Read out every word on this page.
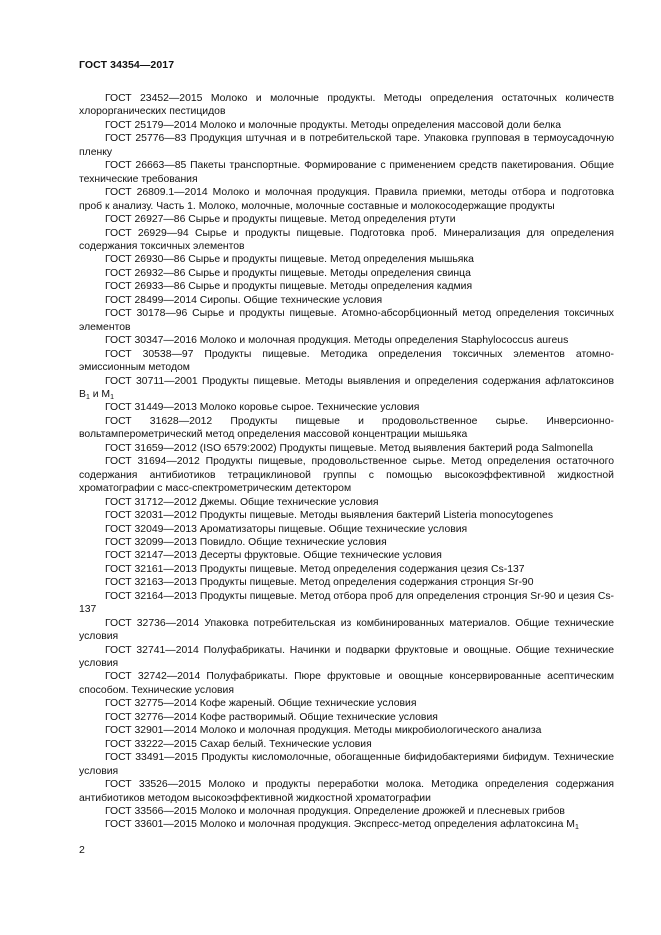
ГОСТ 34354—2017

ГОСТ 23452—2015 Молоко и молочные продукты. Методы определения остаточных количеств хлорорганических пестицидов

ГОСТ 25179—2014 Молоко и молочные продукты. Методы определения массовой доли белка

ГОСТ 25776—83 Продукция штучная и в потребительской таре. Упаковка групповая в термоусадочную пленку

ГОСТ 26663—85 Пакеты транспортные. Формирование с применением средств пакетирования. Общие технические требования

ГОСТ 26809.1—2014 Молоко и молочная продукция. Правила приемки, методы отбора и подготовка проб к анализу. Часть 1. Молоко, молочные, молочные составные и молокосодержащие продукты

ГОСТ 26927—86 Сырье и продукты пищевые. Метод определения ртути

ГОСТ 26929—94 Сырье и продукты пищевые. Подготовка проб. Минерализация для определения содержания токсичных элементов

ГОСТ 26930—86 Сырье и продукты пищевые. Метод определения мышьяка

ГОСТ 26932—86 Сырье и продукты пищевые. Методы определения свинца

ГОСТ 26933—86 Сырье и продукты пищевые. Методы определения кадмия

ГОСТ 28499—2014 Сиропы. Общие технические условия

ГОСТ 30178—96 Сырье и продукты пищевые. Атомно-абсорбционный метод определения токсичных элементов

ГОСТ 30347—2016 Молоко и молочная продукция. Методы определения Staphylococcus aureus

ГОСТ 30538—97 Продукты пищевые. Методика определения токсичных элементов атомно-эмиссионным методом

ГОСТ 30711—2001 Продукты пищевые. Методы выявления и определения содержания афлатоксинов $B_1$ и $M_1$

ГОСТ 31449—2013 Молоко коровье сырое. Технические условия

ГОСТ 31628—2012 Продукты пищевые и продовольственное сырье. Инверсионно-вольтамперометрический метод определения массовой концентрации мышьяка

ГОСТ 31659—2012 (ISO 6579:2002) Продукты пищевые. Метод выявления бактерий рода Salmonella

ГОСТ 31694—2012 Продукты пищевые, продовольственное сырье. Метод определения остаточного содержания антибиотиков тетрациклиновой группы с помощью высокоэффективной жидкостной хроматографии с масс-спектрометрическим детектором

ГОСТ 31712—2012 Джемы. Общие технические условия

ГОСТ 32031—2012 Продукты пищевые. Методы выявления бактерий Listeria monocytogenes

ГОСТ 32049—2013 Ароматизаторы пищевые. Общие технические условия

ГОСТ 32099—2013 Повидло. Общие технические условия

ГОСТ 32147—2013 Десерты фруктовые. Общие технические условия

ГОСТ 32161—2013 Продукты пищевые. Метод определения содержания цезия Cs-137

ГОСТ 32163—2013 Продукты пищевые. Метод определения содержания стронция Sr-90

ГОСТ 32164—2013 Продукты пищевые. Метод отбора проб для определения стронция Sr-90 и цезия Cs-137

ГОСТ 32736—2014 Упаковка потребительская из комбинированных материалов. Общие технические условия

ГОСТ 32741—2014 Полуфабрикаты. Начинки и подварки фруктовые и овощные. Общие технические условия

ГОСТ 32742—2014 Полуфабрикаты. Пюре фруктовые и овощные консервированные асептическим способом. Технические условия

ГОСТ 32775—2014 Кофе жареный. Общие технические условия

ГОСТ 32776—2014 Кофе растворимый. Общие технические условия

ГОСТ 32901—2014 Молоко и молочная продукция. Методы микробиологического анализа

ГОСТ 33222—2015 Сахар белый. Технические условия

ГОСТ 33491—2015 Продукты кисломолочные, обогащенные бифидобактериями бифидум. Технические условия

ГОСТ 33526—2015 Молоко и продукты переработки молока. Методика определения содержания антибиотиков методом высокоэффективной жидкостной хроматографии

ГОСТ 33566—2015 Молоко и молочная продукция. Определение дрожжей и плесневых грибов

ГОСТ 33601—2015 Молоко и молочная продукция. Экспресс-метод определения афлатоксина $M_1$

2
